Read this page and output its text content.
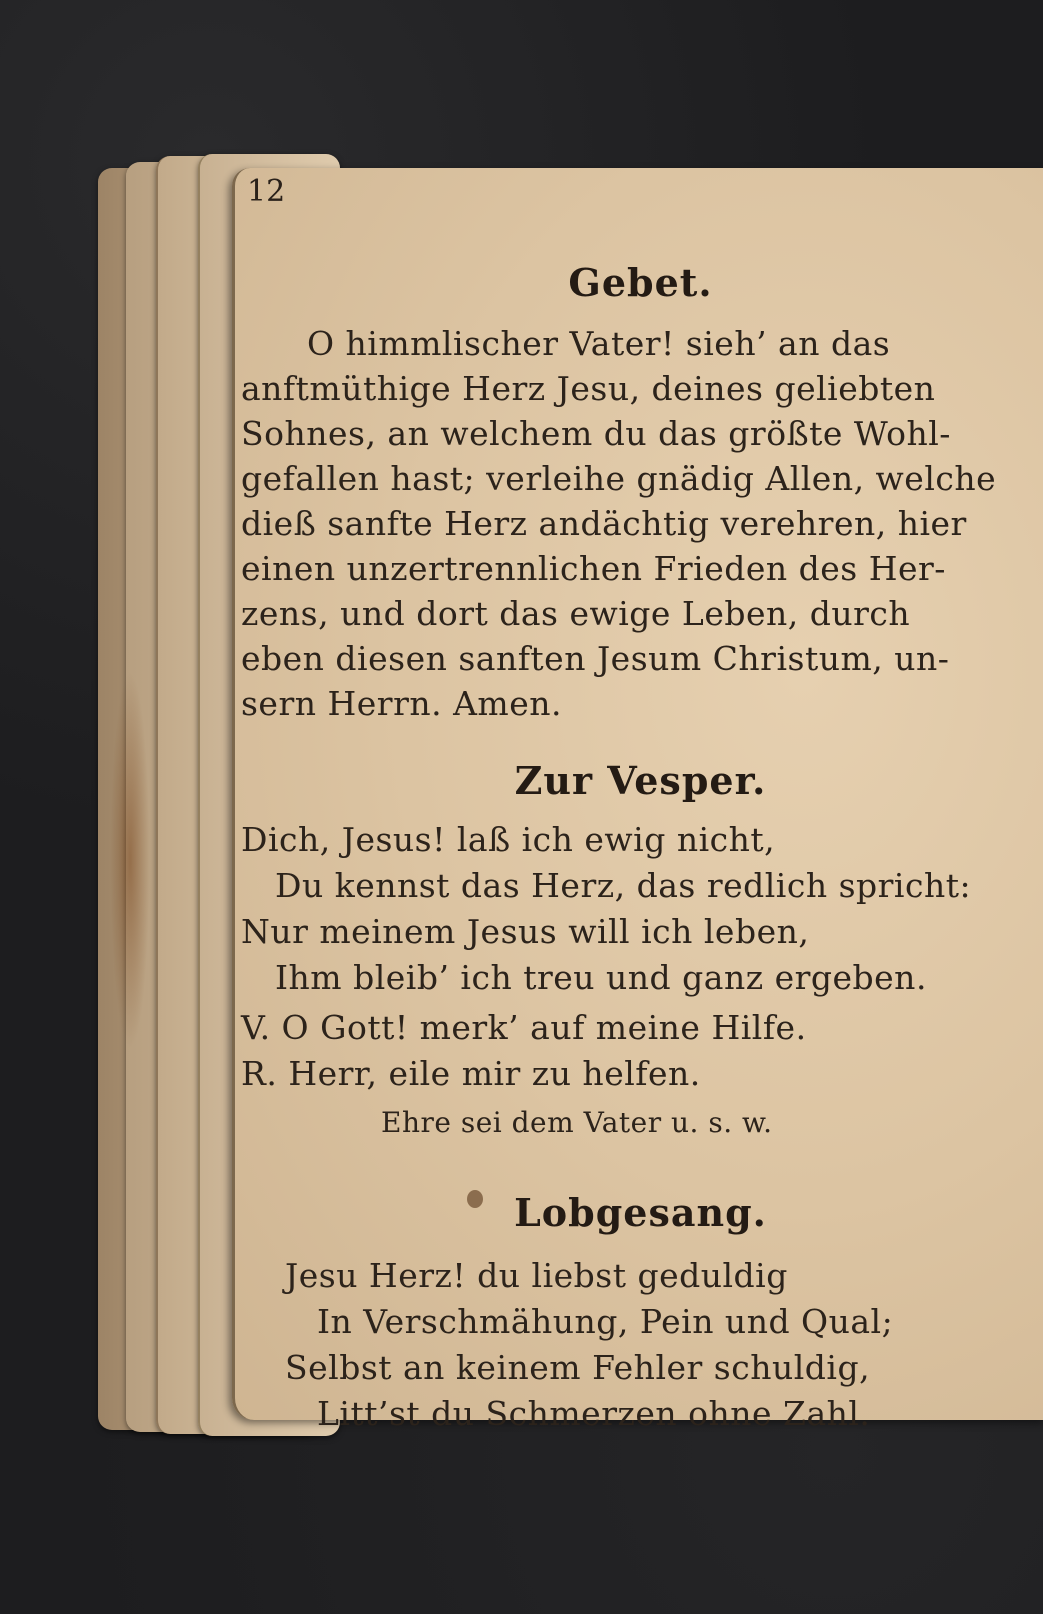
12
Gebet.
O himmlischer Vater! sieh’ an das
anftmüthige Herz Jesu, deines geliebten
Sohnes, an welchem du das größte Wohl-
gefallen hast; verleihe gnädig Allen, welche
dieß sanfte Herz andächtig verehren, hier
einen unzertrennlichen Frieden des Her-
zens, und dort das ewige Leben, durch
eben diesen sanften Jesum Christum, un-
sern Herrn. Amen.
Zur Vesper.
Dich, Jesus! laß ich ewig nicht,
Du kennst das Herz, das redlich spricht:
Nur meinem Jesus will ich leben,
Ihm bleib’ ich treu und ganz ergeben.
V. O Gott! merk’ auf meine Hilfe.
R. Herr, eile mir zu helfen.
Ehre sei dem Vater u. s. w.
Lobgesang.
Jesu Herz! du liebst geduldig
In Verschmähung, Pein und Qual;
Selbst an keinem Fehler schuldig,
Litt’st du Schmerzen ohne Zahl.
